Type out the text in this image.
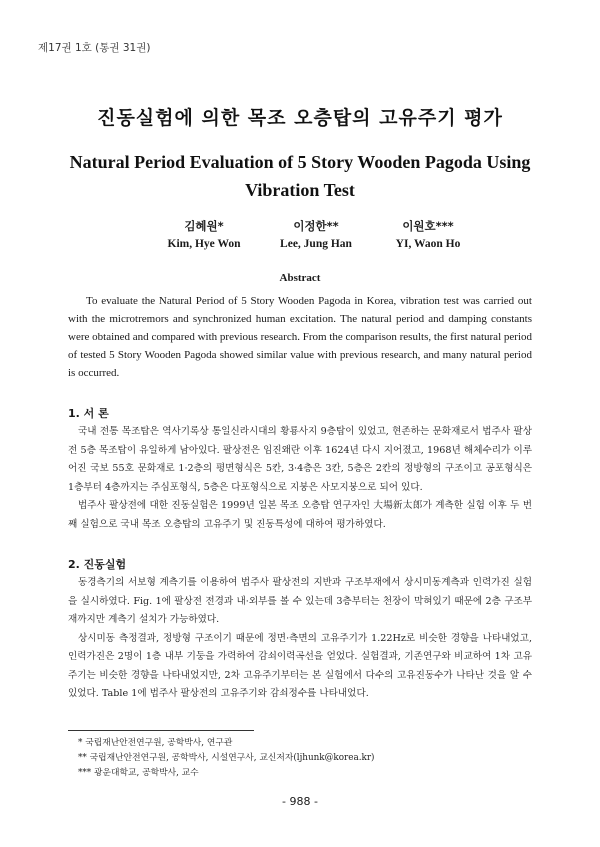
제17권 1호 (통권 31권)
진동실험에 의한 목조 오층탑의 고유주기 평가
Natural Period Evaluation of 5 Story Wooden Pagoda Using Vibration Test
김혜원*
Kim, Hye Won
이정한**
Lee, Jung Han
이원호***
YI, Waon Ho
Abstract

To evaluate the Natural Period of 5 Story Wooden Pagoda in Korea, vibration test was carried out with the microtremors and synchronized human excitation. The natural period and damping constants were obtained and compared with previous research. From the comparison results, the first natural period of tested 5 Story Wooden Pagoda showed similar value with previous research, and many natural period is occurred.

1. 서 론

국내 전통 목조탑은 역사기록상 통일신라시대의 황룡사지 9층탑이 있었고, 현존하는 문화재로서 법주사 팔상전 5층 목조탑이 유일하게 남아있다. 팔상전은 임진왜란 이후 1624년 다시 지어졌고, 1968년 해체수리가 이루어진 국보 55호 문화재로 1·2층의 평면형식은 5칸, 3·4층은 3칸, 5층은 2칸의 정방형의 구조이고 공포형식은 1층부터 4층까지는 주심포형식, 5층은 다포형식으로 지붕은 사모지붕으로 되어 있다.

법주사 팔상전에 대한 진동실험은 1999년 일본 목조 오층탑 연구자인 大場新太郎가 계측한 실험 이후 두 번째 실험으로 국내 목조 오층탑의 고유주기 및 진동특성에 대하여 평가하였다.

2. 진동실험

동경측기의 서보형 계측기를 이용하여 법주사 팔상전의 지반과 구조부재에서 상시미동계측과 인력가진 실험을 실시하였다. Fig. 1에 팔상전 전경과 내·외부를 볼 수 있는데 3층부터는 천장이 막혀있기 때문에 2층 구조부재까지만 계측기 설치가 가능하였다.

상시미동 측정결과, 정방형 구조이기 때문에 정면·측면의 고유주기가 1.22Hz로 비슷한 경향을 나타내었고, 인력가진은 2명이 1층 내부 기둥을 가력하여 감쇠이력곡선을 얻었다. 실험결과, 기존연구와 비교하여 1차 고유주기는 비슷한 경향을 나타내었지만, 2차 고유주기부터는 본 실험에서 다수의 고유진동수가 나타난 것을 알 수 있었다. Table 1에 법주사 팔상전의 고유주기와 감쇠정수를 나타내었다.

* 국립재난안전연구원, 공학박사, 연구관
** 국립재난안전연구원, 공학박사, 시설연구사, 교신저자(ljhunk@korea.kr)
*** 광운대학교, 공학박사, 교수
- 988 -
